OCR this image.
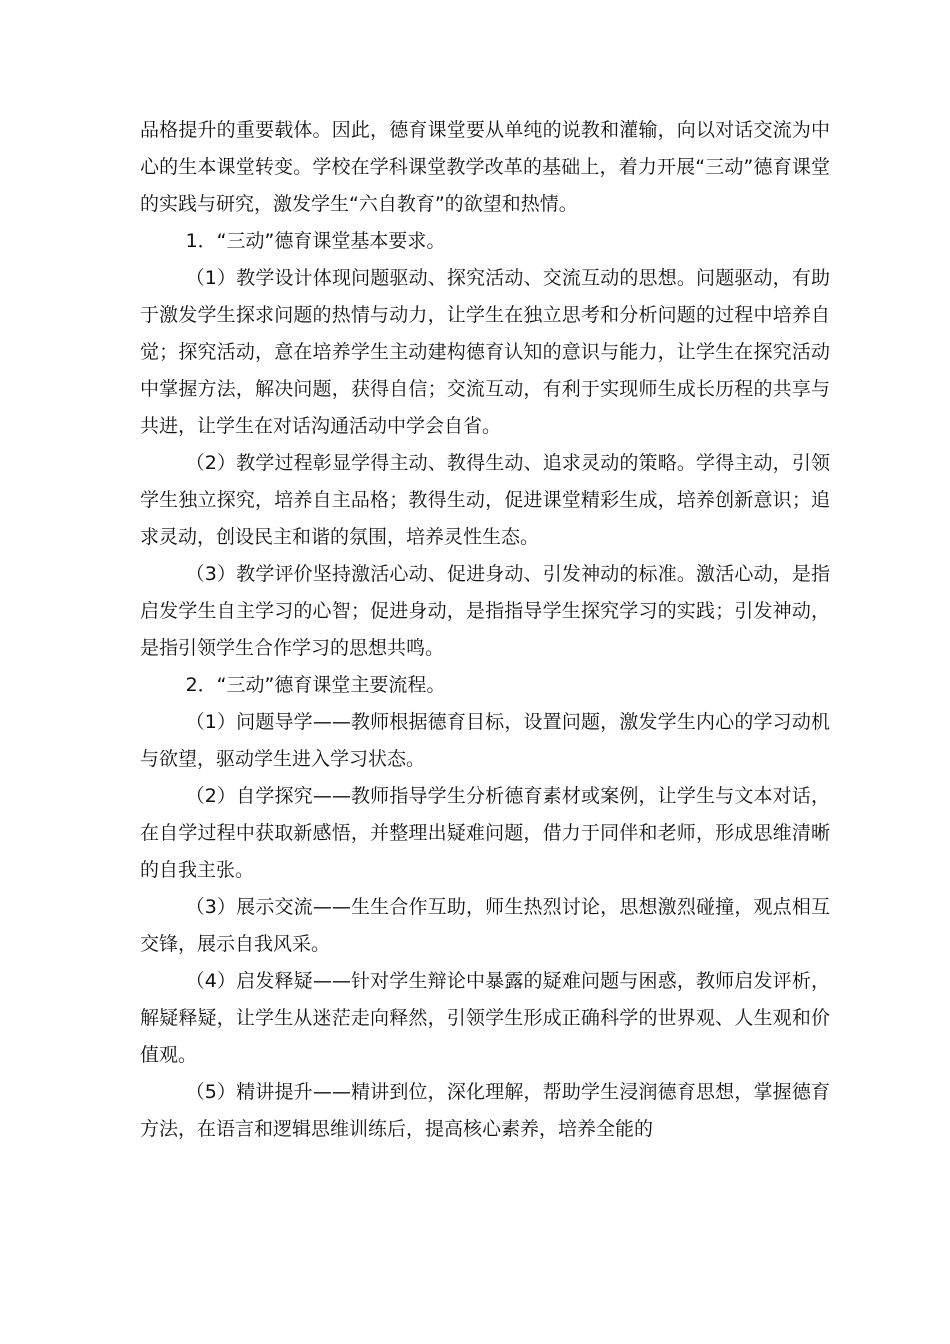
品格提升的重要载体。因此，德育课堂要从单纯的说教和灌输，向以对话交流为中心的生本课堂转变。学校在学科课堂教学改革的基础上，着力开展“三动”德育课堂的实践与研究，激发学生“六自教育”的欲望和热情。

1．“三动”德育课堂基本要求。

（1）教学设计体现问题驱动、探究活动、交流互动的思想。问题驱动，有助于激发学生探求问题的热情与动力，让学生在独立思考和分析问题的过程中培养自觉；探究活动，意在培养学生主动建构德育认知的意识与能力，让学生在探究活动中掌握方法，解决问题，获得自信；交流互动，有利于实现师生成长历程的共享与共进，让学生在对话沟通活动中学会自省。

（2）教学过程彰显学得主动、教得生动、追求灵动的策略。学得主动，引领学生独立探究，培养自主品格；教得生动，促进课堂精彩生成，培养创新意识；追求灵动，创设民主和谐的氛围，培养灵性生态。

（3）教学评价坚持激活心动、促进身动、引发神动的标准。激活心动，是指启发学生自主学习的心智；促进身动，是指指导学生探究学习的实践；引发神动，是指引领学生合作学习的思想共鸣。

2．“三动”德育课堂主要流程。

（1）问题导学——教师根据德育目标，设置问题，激发学生内心的学习动机与欲望，驱动学生进入学习状态。

（2）自学探究——教师指导学生分析德育素材或案例，让学生与文本对话，在自学过程中获取新感悟，并整理出疑难问题，借力于同伴和老师，形成思维清晰的自我主张。

（3）展示交流——生生合作互助，师生热烈讨论，思想激烈碰撞，观点相互交锋，展示自我风采。

（4）启发释疑——针对学生辩论中暴露的疑难问题与困惑，教师启发评析，解疑释疑，让学生从迷茫走向释然，引领学生形成正确科学的世界观、人生观和价值观。

（5）精讲提升——精讲到位，深化理解，帮助学生浸润德育思想，掌握德育方法，在语言和逻辑思维训练后，提高核心素养，培养全能的
